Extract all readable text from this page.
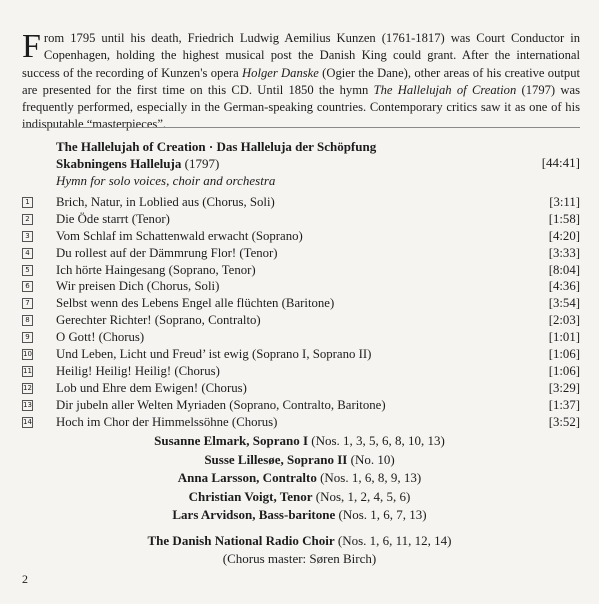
From 1795 until his death, Friedrich Ludwig Aemilius Kunzen (1761-1817) was Court Conductor in Copenhagen, holding the highest musical post the Danish King could grant. After the international success of the recording of Kunzen's opera Holger Danske (Ogier the Dane), other areas of his creative output are presented for the first time on this CD. Until 1850 the hymn The Hallelujah of Creation (1797) was frequently performed, especially in the German-speaking countries. Contemporary critics saw it as one of his indisputable “masterpieces”.

The Hallelujah of Creation · Das Halleluja der Schöpfung
Skabningens Halleluja (1797)	[44:41]
Hymn for solo voices, choir and orchestra
1 Brich, Natur, in Loblied aus (Chorus, Soli)	[3:11]
2 Die Öde starrt (Tenor)	[1:58]
3 Vom Schlaf im Schattenwald erwacht (Soprano)	[4:20]
4 Du rollest auf der Dämmrung Flor! (Tenor)	[3:33]
5 Ich hörte Haingesang (Soprano, Tenor)	[8:04]
6 Wir preisen Dich (Chorus, Soli)	[4:36]
7 Selbst wenn des Lebens Engel alle flüchten (Baritone)	[3:54]
8 Gerechter Richter! (Soprano, Contralto)	[2:03]
9 O Gott! (Chorus)	[1:01]
10 Und Leben, Licht und Freud’ ist ewig (Soprano I, Soprano II)	[1:06]
11 Heilig! Heilig! Heilig! (Chorus)	[1:06]
12 Lob und Ehre dem Ewigen! (Chorus)	[3:29]
13 Dir jubeln aller Welten Myriaden (Soprano, Contralto, Baritone)	[1:37]
14 Hoch im Chor der Himmelssöhne (Chorus)	[3:52]
Susanne Elmark, Soprano I (Nos. 1, 3, 5, 6, 8, 10, 13)
Susse Lillesøe, Soprano II (No. 10)
Anna Larsson, Contralto (Nos. 1, 6, 8, 9, 13)
Christian Voigt, Tenor (Nos, 1, 2, 4, 5, 6)
Lars Arvidson, Bass-baritone (Nos. 1, 6, 7, 13)
The Danish National Radio Choir (Nos. 1, 6, 11, 12, 14)
(Chorus master: Søren Birch)
2
